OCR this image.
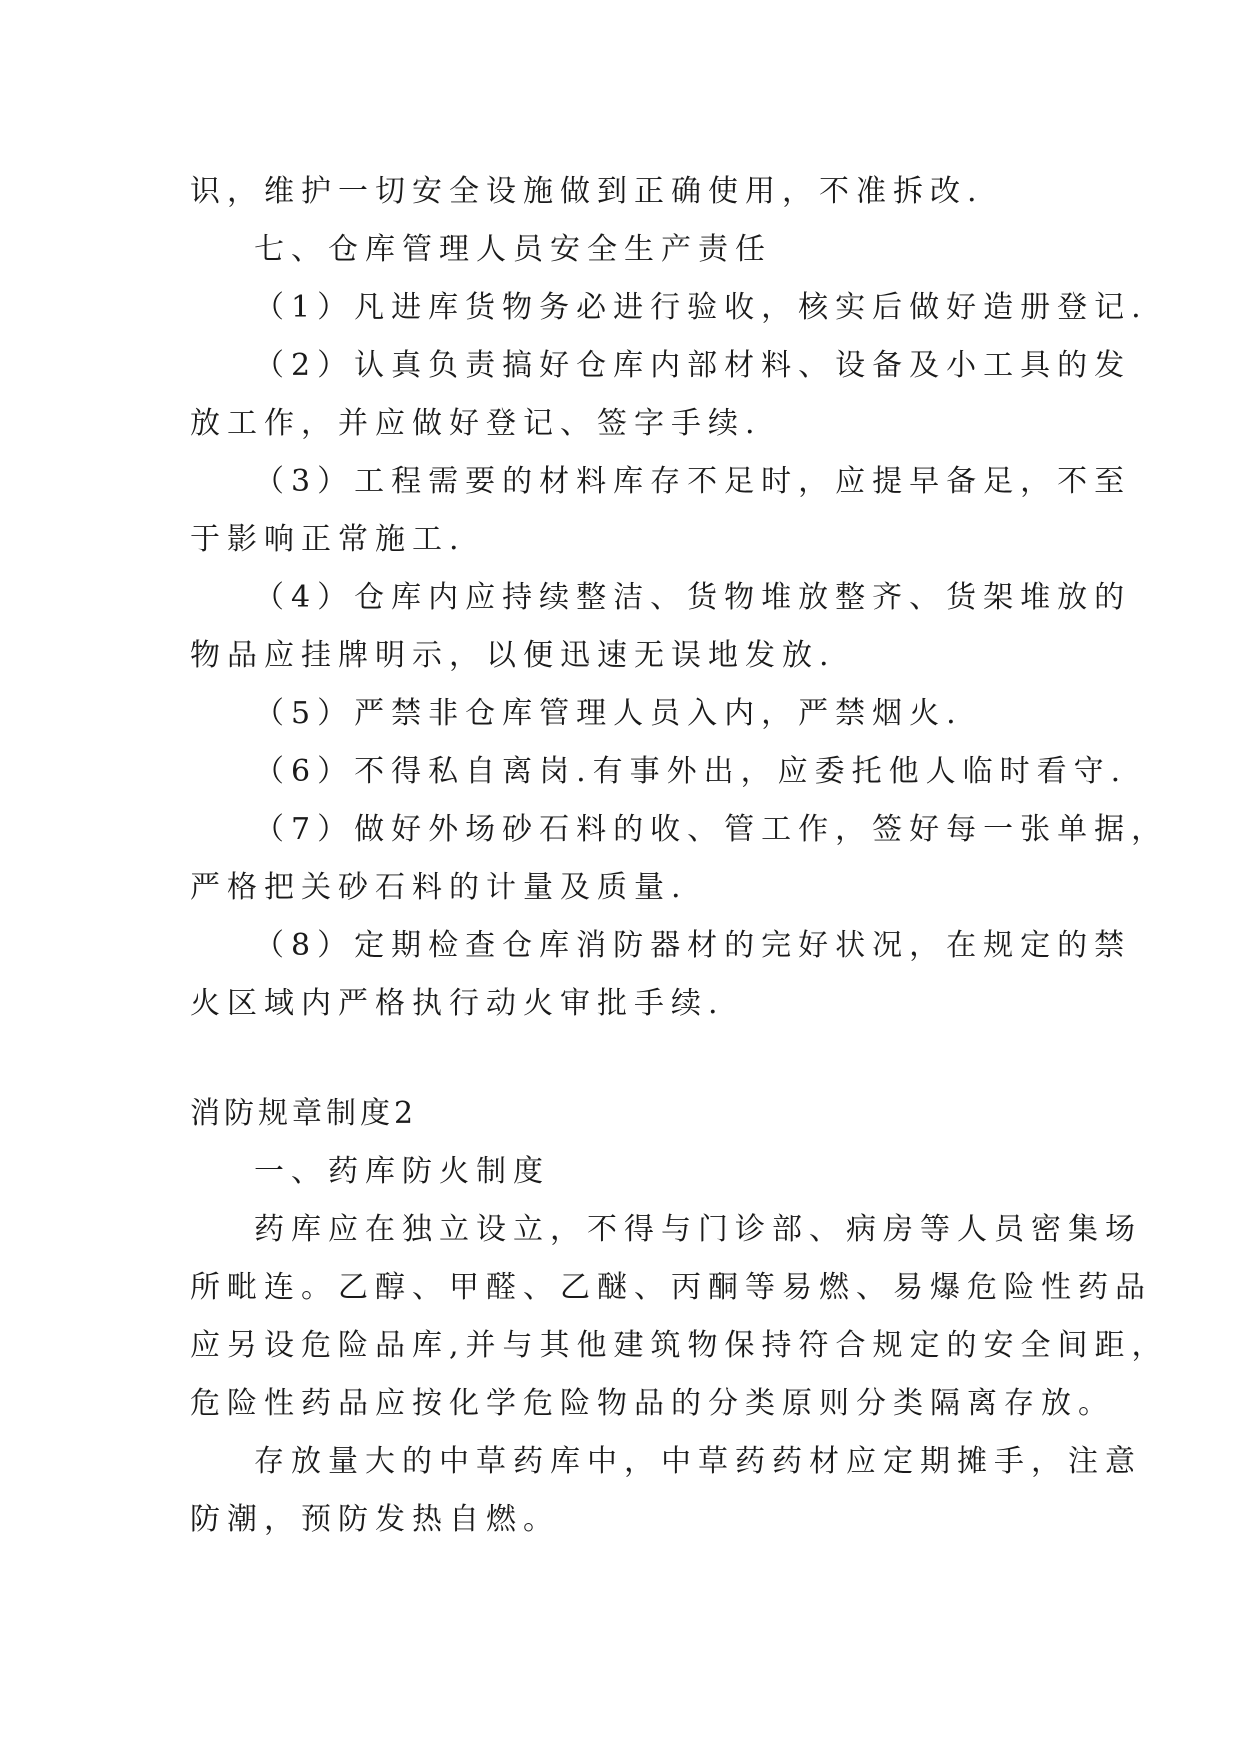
识，维护一切安全设施做到正确使用，不准拆改.
七、仓库管理人员安全生产责任
（1）凡进库货物务必进行验收，核实后做好造册登记.
（2）认真负责搞好仓库内部材料、设备及小工具的发
放工作，并应做好登记、签字手续.
（3）工程需要的材料库存不足时，应提早备足，不至
于影响正常施工.
（4）仓库内应持续整洁、货物堆放整齐、货架堆放的
物品应挂牌明示，以便迅速无误地发放.
（5）严禁非仓库管理人员入内，严禁烟火.
（6）不得私自离岗.有事外出，应委托他人临时看守.
（7）做好外场砂石料的收、管工作，签好每一张单据，
严格把关砂石料的计量及质量.
（8）定期检查仓库消防器材的完好状况，在规定的禁
火区域内严格执行动火审批手续.
消防规章制度2
一、药库防火制度
药库应在独立设立，不得与门诊部、病房等人员密集场
所毗连。乙醇、甲醛、乙醚、丙酮等易燃、易爆危险性药品
应另设危险品库,并与其他建筑物保持符合规定的安全间距，
危险性药品应按化学危险物品的分类原则分类隔离存放。
存放量大的中草药库中，中草药药材应定期摊手，注意
防潮，预防发热自燃。
